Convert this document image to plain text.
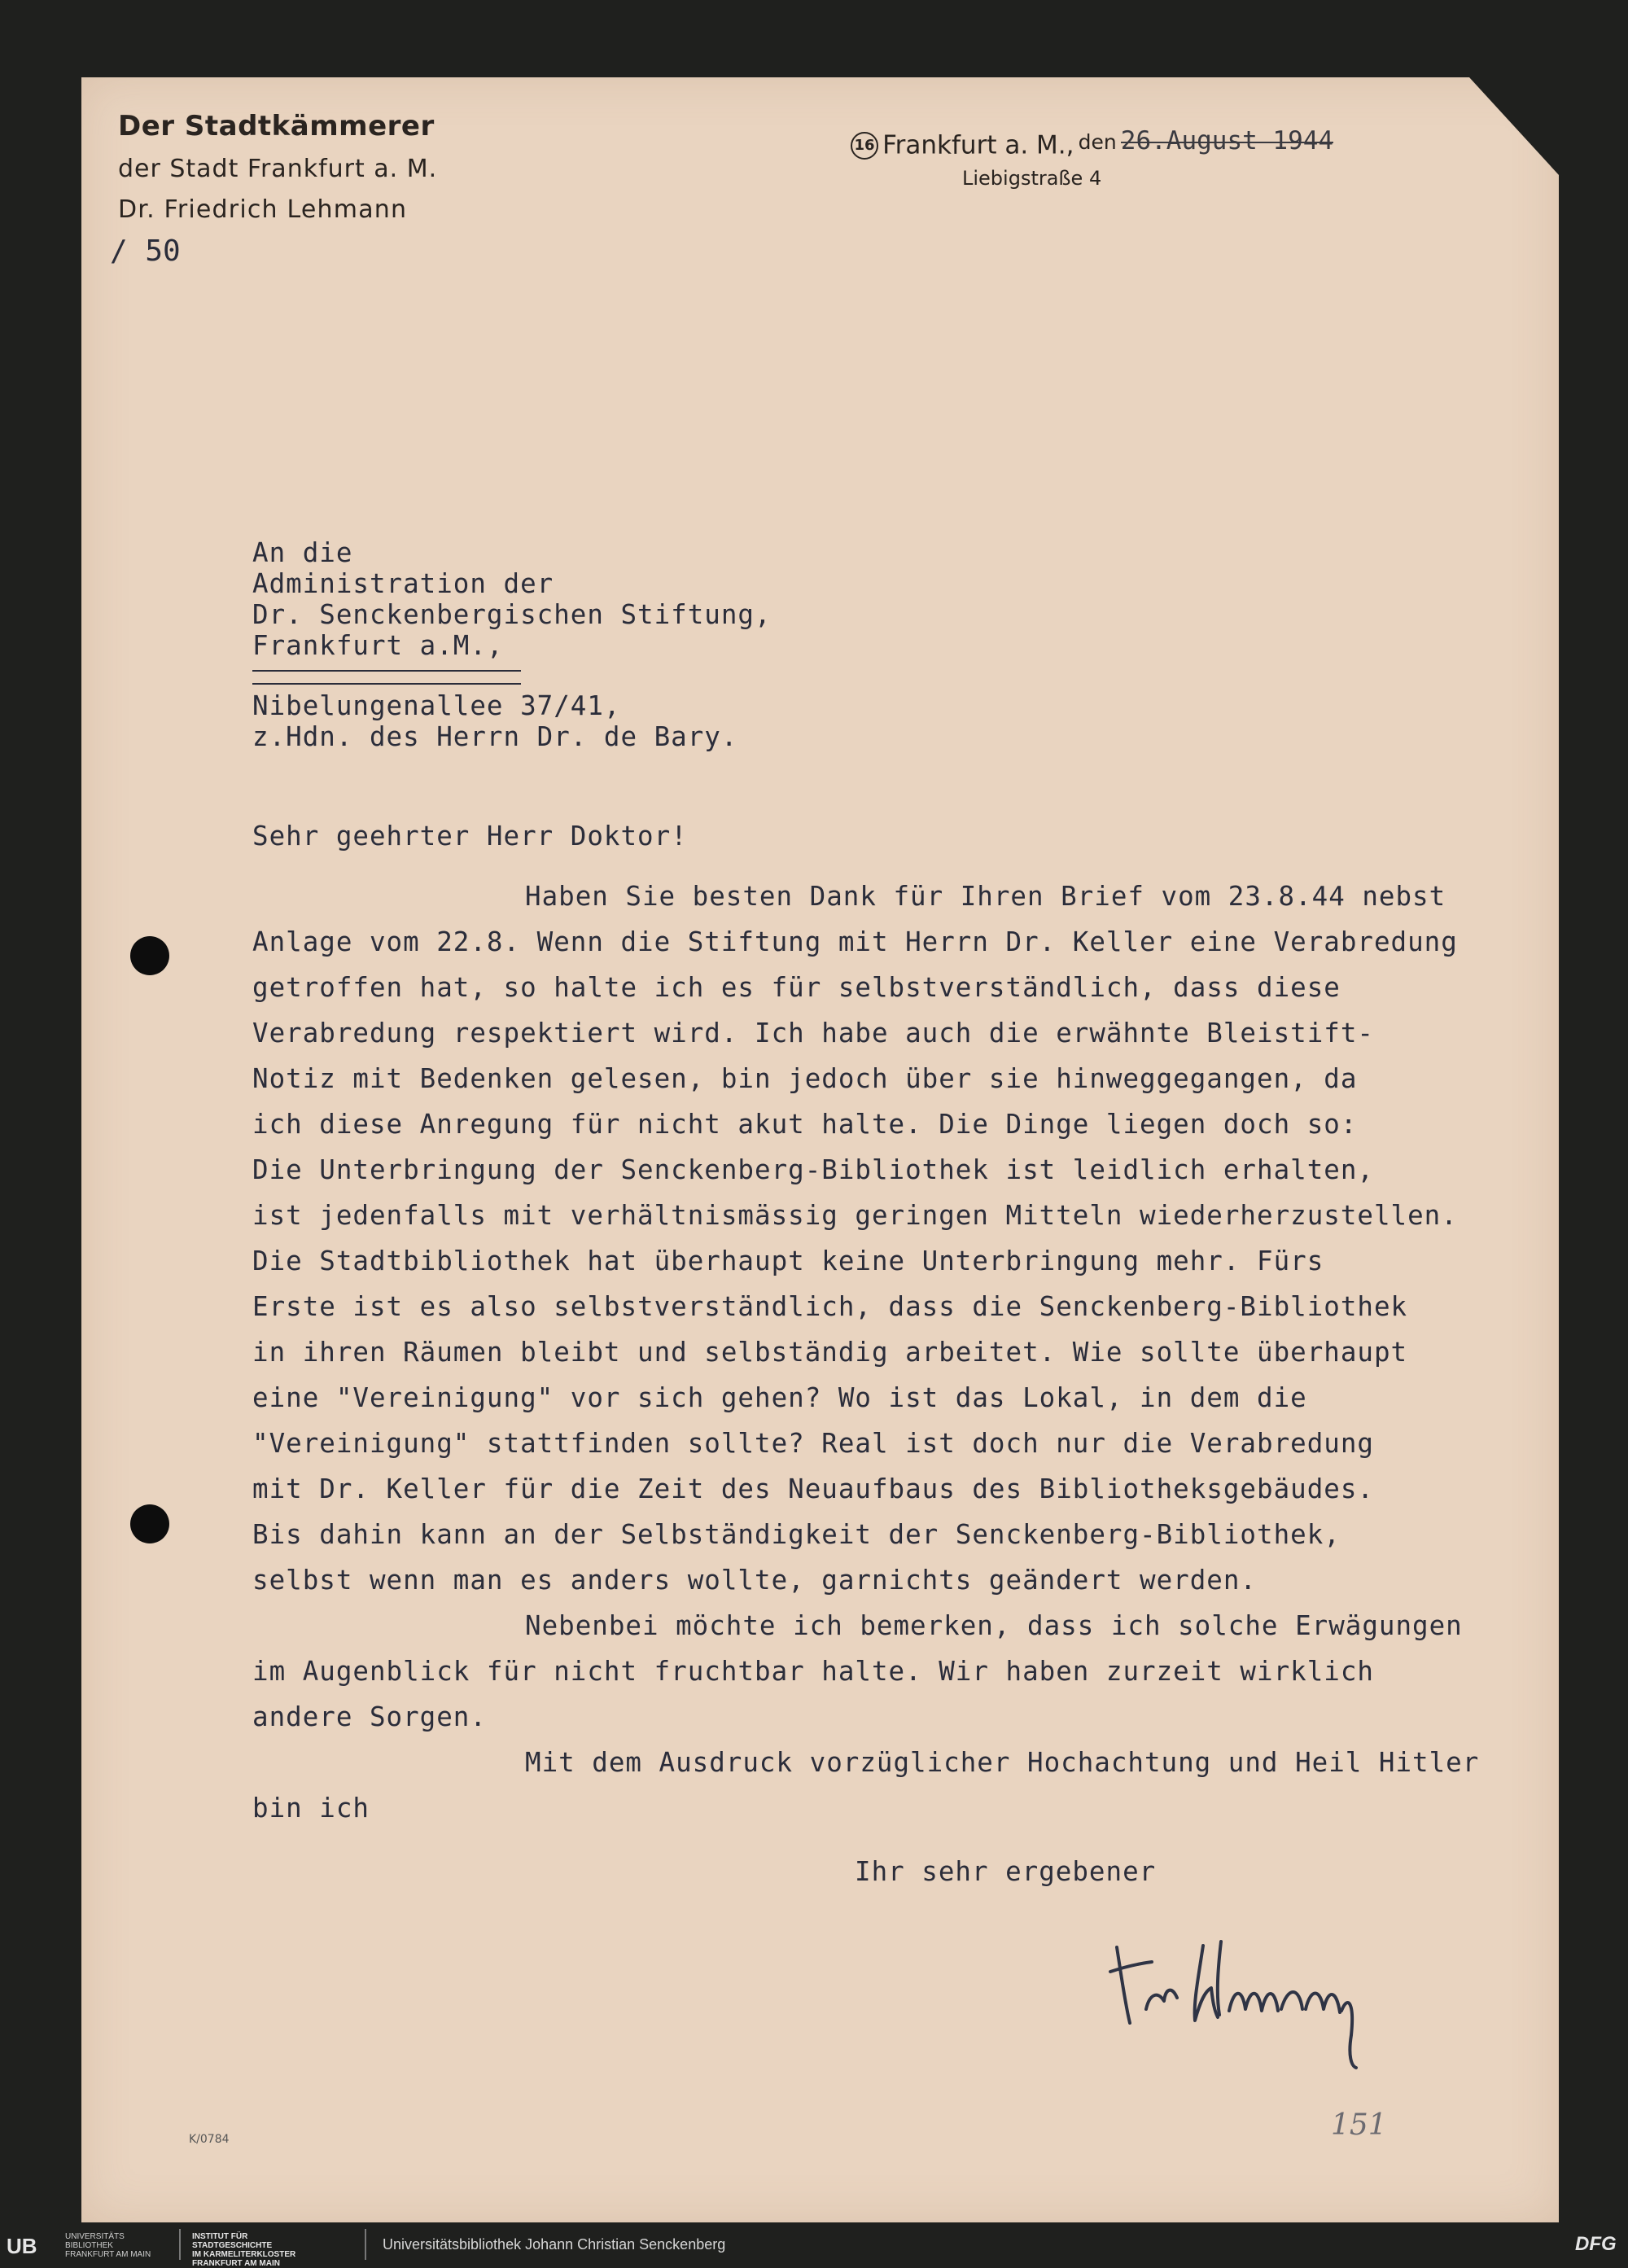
Der Stadtkämmerer
der Stadt Frankfurt a. M.
Dr. Friedrich Lehmann
/ 50
16 Frankfurt a. M., den 26.August 1944
Liebigstraße 4
An die
Administration der
Dr. Senckenbergischen Stiftung,
Frankfurt a.M.,
Nibelungenallee 37/41,
z.Hdn. des Herrn Dr. de Bary.
Sehr geehrter Herr Doktor!
Haben Sie besten Dank für Ihren Brief vom 23.8.44 nebst
Anlage vom 22.8. Wenn die Stiftung mit Herrn Dr. Keller eine Verabredung
getroffen hat, so halte ich es für selbstverständlich, dass diese
Verabredung respektiert wird. Ich habe auch die erwähnte Bleistift-
Notiz mit Bedenken gelesen, bin jedoch über sie hinweggegangen, da
ich diese Anregung für nicht akut halte. Die Dinge liegen doch so:
Die Unterbringung der Senckenberg-Bibliothek ist leidlich erhalten,
ist jedenfalls mit verhältnismässig geringen Mitteln wiederherzustellen.
Die Stadtbibliothek hat überhaupt keine Unterbringung mehr. Fürs
Erste ist es also selbstverständlich, dass die Senckenberg-Bibliothek
in ihren Räumen bleibt und selbständig arbeitet. Wie sollte überhaupt
eine "Vereinigung" vor sich gehen? Wo ist das Lokal, in dem die
"Vereinigung" stattfinden sollte? Real ist doch nur die Verabredung
mit Dr. Keller für die Zeit des Neuaufbaus des Bibliotheksgebäudes.
Bis dahin kann an der Selbständigkeit der Senckenberg-Bibliothek,
selbst wenn man es anders wollte, garnichts geändert werden.
Nebenbei möchte ich bemerken, dass ich solche Erwägungen
im Augenblick für nicht fruchtbar halte. Wir haben zurzeit wirklich
andere Sorgen.
Mit dem Ausdruck vorzüglicher Hochachtung und Heil Hitler
bin ich
Ihr sehr ergebener
K/0784	151
UB	UNIVERSITÄTS
BIBLIOTHEK
FRANKFURT AM MAIN
INSTITUT FÜR
STADTGESCHICHTE
IM KARMELITERKLOSTER
FRANKFURT AM MAIN
Universitätsbibliothek Johann Christian Senckenberg	DFG
